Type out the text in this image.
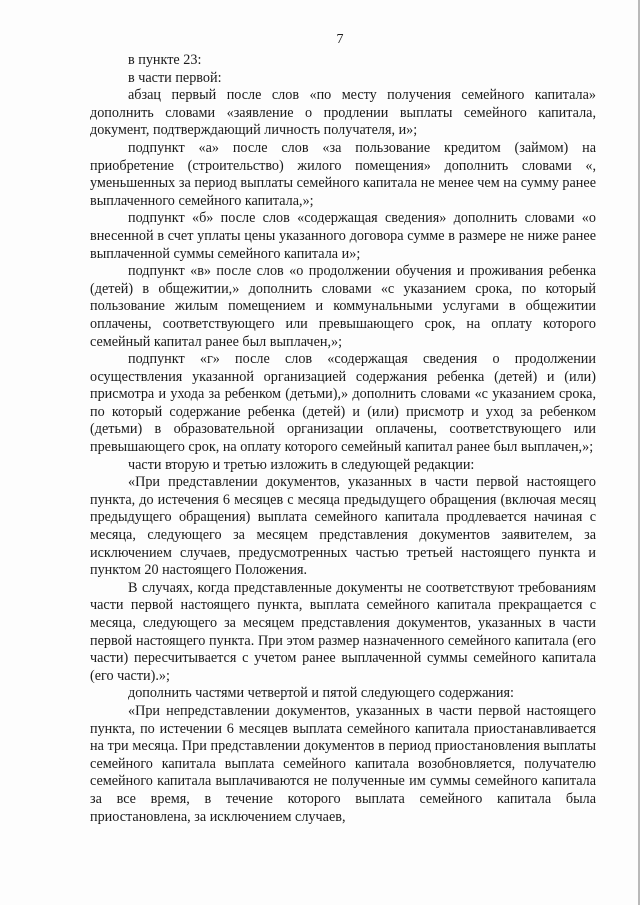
7

в пункте 23:

в части первой:

абзац первый после слов «по месту получения семейного капитала» дополнить словами «заявление о продлении выплаты семейного капитала, документ, подтверждающий личность получателя, и»;

подпункт «а» после слов «за пользование кредитом (займом) на приобретение (строительство) жилого помещения» дополнить словами «, уменьшенных за период выплаты семейного капитала не менее чем на сумму ранее выплаченного семейного капитала,»;

подпункт «б» после слов «содержащая сведения» дополнить словами «о внесенной в счет уплаты цены указанного договора сумме в размере не ниже ранее выплаченной суммы семейного капитала и»;

подпункт «в» после слов «о продолжении обучения и проживания ребенка (детей) в общежитии,» дополнить словами «с указанием срока, по который пользование жилым помещением и коммунальными услугами в общежитии оплачены, соответствующего или превышающего срок, на оплату которого семейный капитал ранее был выплачен,»;

подпункт «г» после слов «содержащая сведения о продолжении осуществления указанной организацией содержания ребенка (детей) и (или) присмотра и ухода за ребенком (детьми),» дополнить словами «с указанием срока, по который содержание ребенка (детей) и (или) присмотр и уход за ребенком (детьми) в образовательной организации оплачены, соответствующего или превышающего срок, на оплату которого семейный капитал ранее был выплачен,»;

части вторую и третью изложить в следующей редакции:

«При представлении документов, указанных в части первой настоящего пункта, до истечения 6 месяцев с месяца предыдущего обращения (включая месяц предыдущего обращения) выплата семейного капитала продлевается начиная с месяца, следующего за месяцем представления документов заявителем, за исключением случаев, предусмотренных частью третьей настоящего пункта и пунктом 20 настоящего Положения.

В случаях, когда представленные документы не соответствуют требованиям части первой настоящего пункта, выплата семейного капитала прекращается с месяца, следующего за месяцем представления документов, указанных в части первой настоящего пункта. При этом размер назначенного семейного капитала (его части) пересчитывается с учетом ранее выплаченной суммы семейного капитала (его части).»;

дополнить частями четвертой и пятой следующего содержания:

«При непредставлении документов, указанных в части первой настоящего пункта, по истечении 6 месяцев выплата семейного капитала приостанавливается на три месяца. При представлении документов в период приостановления выплаты семейного капитала выплата семейного капитала возобновляется, получателю семейного капитала выплачиваются не полученные им суммы семейного капитала за все время, в течение которого выплата семейного капитала была приостановлена, за исключением случаев,
